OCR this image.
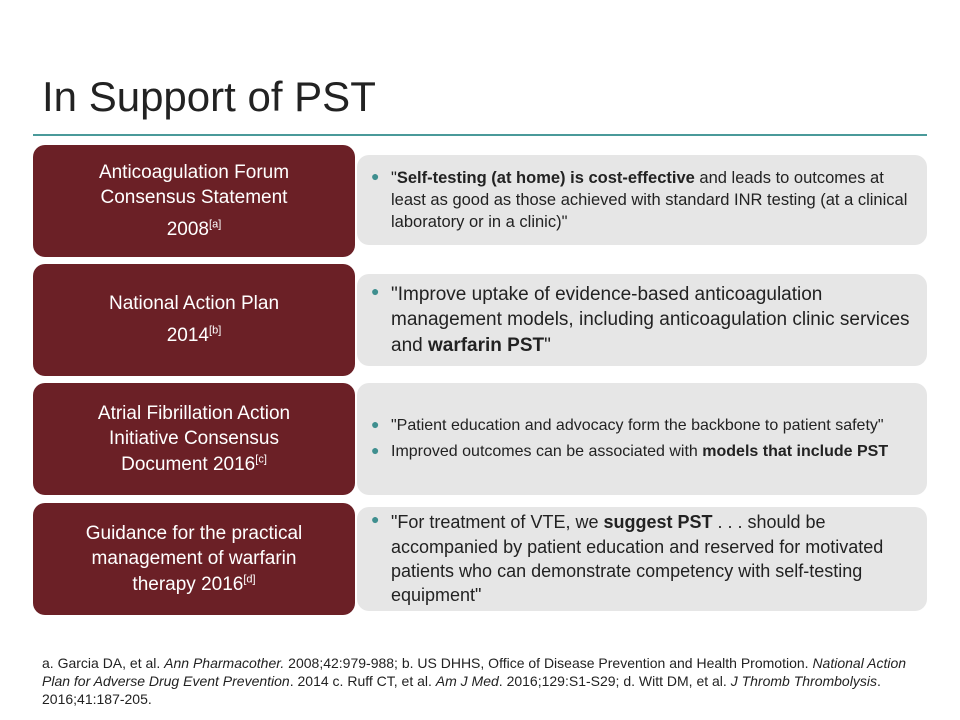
In Support of PST
Anticoagulation Forum
Consensus Statement
2008[a]
● "Self-testing (at home) is cost-effective and leads to outcomes at least as good as those achieved with standard INR testing (at a clinical laboratory or in a clinic)"
National Action Plan
2014[b]
● "Improve uptake of evidence-based anticoagulation management models, including anticoagulation clinic services and warfarin PST"
Atrial Fibrillation Action
Initiative Consensus
Document 2016[c]
● "Patient education and advocacy form the backbone to patient safety"
● Improved outcomes can be associated with models that include PST
Guidance for the practical
management of warfarin
therapy 2016[d]
● "For treatment of VTE, we suggest PST . . . should be accompanied by patient education and reserved for motivated patients who can demonstrate competency with self-testing equipment"
a. Garcia DA, et al. Ann Pharmacother. 2008;42:979-988; b. US DHHS, Office of Disease Prevention and Health Promotion. National Action Plan for Adverse Drug Event Prevention. 2014 c. Ruff CT, et al. Am J Med. 2016;129:S1-S29; d. Witt DM, et al. J Thromb Thrombolysis. 2016;41:187-205.
